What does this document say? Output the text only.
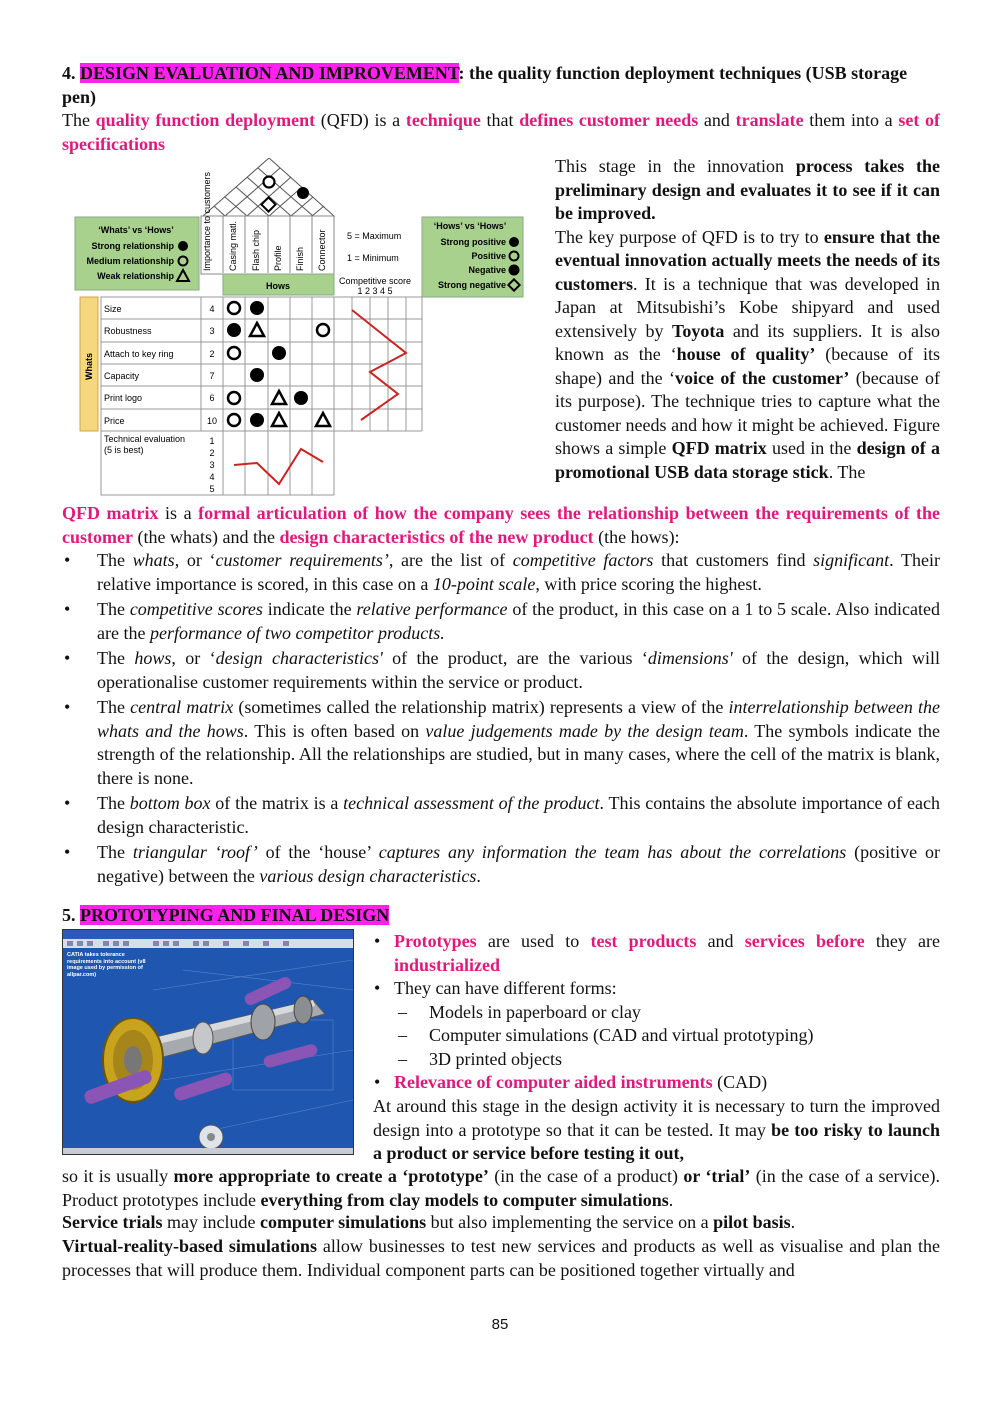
4. DESIGN EVALUATION AND IMPROVEMENT: the quality function deployment techniques (USB storage pen)

The quality function deployment (QFD) is a technique that defines customer needs and translate them into a set of specifications

This stage in the innovation process takes the preliminary design and evaluates it to see if it can be improved.
The key purpose of QFD is to try to ensure that the eventual innovation actually meets the needs of its customers. It is a technique that was developed in Japan at Mitsubishi’s Kobe shipyard and used extensively by Toyota and its suppliers. It is also known as the ‘house of quality’ (because of its shape) and the ‘voice of the customer’ (because of its purpose). The technique tries to capture what the customer needs and how it might be achieved. Figure shows a simple QFD matrix used in the design of a promotional USB data storage stick. The

‘Whats’ vs ‘Hows’
Strong relationship
Medium relationship
Weak relationship
Hows
Importance to customers Casing matl. Flash chip Profile Finish Connector 5 = Maximum
1 = Minimum
Competitive score
1 2 3 4 5
‘Hows’ vs ‘Hows’
Strong positive
Positive
Negative
Strong negative
Whats
Size
Robustness
Attach to key ring
Capacity
Print logo
Price
4
3
2
7
6
10
Technical evaluation
(5 is best)
1
2
3
4
5

QFD matrix is a formal articulation of how the company sees the relationship between the requirements of the customer (the whats) and the design characteristics of the new product (the hows):

• The whats, or ‘customer requirements’, are the list of competitive factors that customers find significant. Their relative importance is scored, in this case on a 10-point scale, with price scoring the highest.
• The competitive scores indicate the relative performance of the product, in this case on a 1 to 5 scale. Also indicated are the performance of two competitor products.
• The hows, or ‘design characteristics' of the product, are the various ‘dimensions' of the design, which will operationalise customer requirements within the service or product.
• The central matrix (sometimes called the relationship matrix) represents a view of the interrelationship between the whats and the hows. This is often based on value judgements made by the design team. The symbols indicate the strength of the relationship. All the relationships are studied, but in many cases, where the cell of the matrix is blank, there is none.
• The bottom box of the matrix is a technical assessment of the product. This contains the absolute importance of each design characteristic.
• The triangular ‘roof’ of the ‘house’ captures any information the team has about the correlations (positive or negative) between the various design characteristics.
5. PROTOTYPING AND FINAL DESIGN
CATIA takes tolerance requirements into account (v8 image used by permission of allpar.com)
• Prototypes are used to test products and services before they are industrialized
• They can have different forms:
– Models in paperboard or clay
– Computer simulations (CAD and virtual prototyping)
– 3D printed objects
• Relevance of computer aided instruments (CAD)

At around this stage in the design activity it is necessary to turn the improved design into a prototype so that it can be tested. It may be too risky to launch a product or service before testing it out,

so it is usually more appropriate to create a ‘prototype’ (in the case of a product) or ‘trial’ (in the case of a service). Product prototypes include everything from clay models to computer simulations.

Service trials may include computer simulations but also implementing the service on a pilot basis.

Virtual-reality-based simulations allow businesses to test new services and products as well as visualise and plan the processes that will produce them. Individual component parts can be positioned together virtually and

85
